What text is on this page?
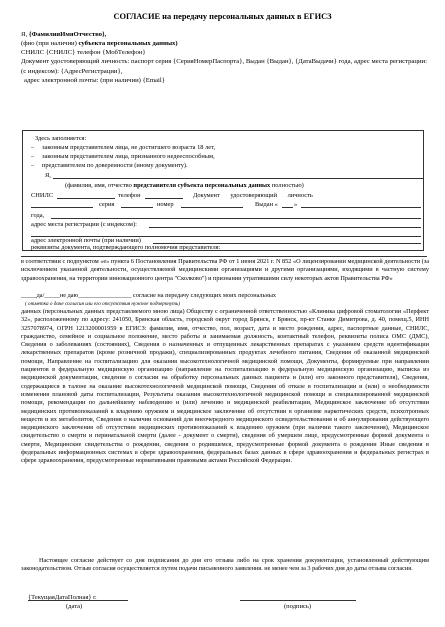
СОГЛАСИЕ на передачу персональных данных в ЕГИСЗ
Я, {ФамилияИмяОтчество},
(фио (при наличии) субъекта персональных данных)
СНИЛС {СНИЛС} телефон {МобТелефон}
Документ удостоверяющий личность: паспорт серия {СерияНомерПаспорта}, Выдан {Выдан}, {ДатаВыдачи} года, адрес места регистрации: (с индексом): {АдресРегистрации},
адрес электронной почты: (при наличии) {Email}
Здесь заполняется:
– законным представителем лица, не достигшего возраста 18 лет,
– законным представителем лица, признанного недееспособным,
– представителем по доверенности (иному документу).
Я,
(фамилия, имя, отчество представителя субъекта персональных данных полностью)
СНИЛС	телефон	Документ удостоверяющий личность
серия	номер	Выдан «	»
года,
адрес места регистрации (с индексом):
адрес электронной почты (при наличии)
реквизиты документа, подтверждающего полномочия представителя:

в соответствии с подпунктом «е» пункта 6 Постановления Правительства РФ от 1 июня 2021 г. N 852 «О лицензировании медицинской деятельности (за исключением указанной деятельности, осуществляемой медицинскими организациями и другими организациями, входящими в частную систему здравоохранения, на территории инновационного центра "Сколково") и признании утратившими силу некоторых актов Правительства РФ»

_____да/_____не даю_________________ согласие на передачу следующих моих персональных
( отметка о даче согласия или его отсутствия нужное подчеркнуть)

данных (персональных данных представляемого мною лица) Обществу с ограниченной ответственностью «Клиника цифровой стоматологии «Перфект 32», расположенному по адресу: 241050, Брянская область, городской округ город Брянск, г Брянск, пр-кт Станке Димитрова, д. 40, помещ.5, ИНН 3257078974, ОГРН 1213200001959 в ЕГИСЗ: фамилия, имя, отчество, пол, возраст, дата и место рождения, адрес, паспортные данные, СНИЛС, гражданство, семейное и социальное положение, место работы и занимаемая должность, контактный телефон, реквизиты полиса ОМС (ДМС), Сведения о заболеваниях (состояниях), Сведения о назначенных и отпущенных лекарственных препаратах с указанием средств идентификации лекарственных препаратов (кроме розничной продажи), специализированных продуктах лечебного питания, Сведения об оказанной медицинской помощи, Направление на госпитализацию для оказания высокотехнологичной медицинской помощи, Документы, формируемые при направлении пациентов в федеральную медицинскую организацию (направление на госпитализацию в федеральную медицинскую организацию, выписка из медицинской документации, сведения о согласии на обработку персональных данных пациента и (или) его законного представителя), Сведения, содержащиеся в талоне на оказание высокотехнологичной медицинской помощи, Сведения об отказе в госпитализации и (или) о необходимости изменения плановой даты госпитализации, Результаты оказания высокотехнологичной медицинской помощи и специализированной медицинской помощи, рекомендации по дальнейшему наблюдению и (или) лечению и медицинской реабилитации, Медицинское заключение об отсутствии медицинских противопоказаний к владению оружием и медицинское заключение об отсутствии в организме наркотических средств, психотропных веществ и их метаболитов, Сведения о наличии оснований для внеочередного медицинского освидетельствования и об аннулировании действующего медицинского заключения об отсутствии медицинских противопоказаний к владению оружием (при наличии такого заключения), Медицинское свидетельство о смерти и перинатальной смерти (далее - документ о смерти), сведения об умершем лице, предусмотренные формой документа о смерти, Медицинские свидетельства о рождении, сведения о родившемся, предусмотренные формой документа о рождении Иные сведения в федеральных информационных системах в сфере здравоохранения, федеральных базах данных в сфере здравоохранения и федеральных регистрах в сфере здравоохранения, предусмотренные нормативными правовыми актами Российской Федерации.

Настоящее согласие действует со дня подписания до дня его отзыва либо на срок хранения документации, установленный действующим законодательством. Отзыв согласия осуществляется путем подачи письменного заявления. не менее чем за 3 рабочих дня до даты отзыва согласия.

{ТекущаяДатаПолная} г.
(дата)	(подпись)
